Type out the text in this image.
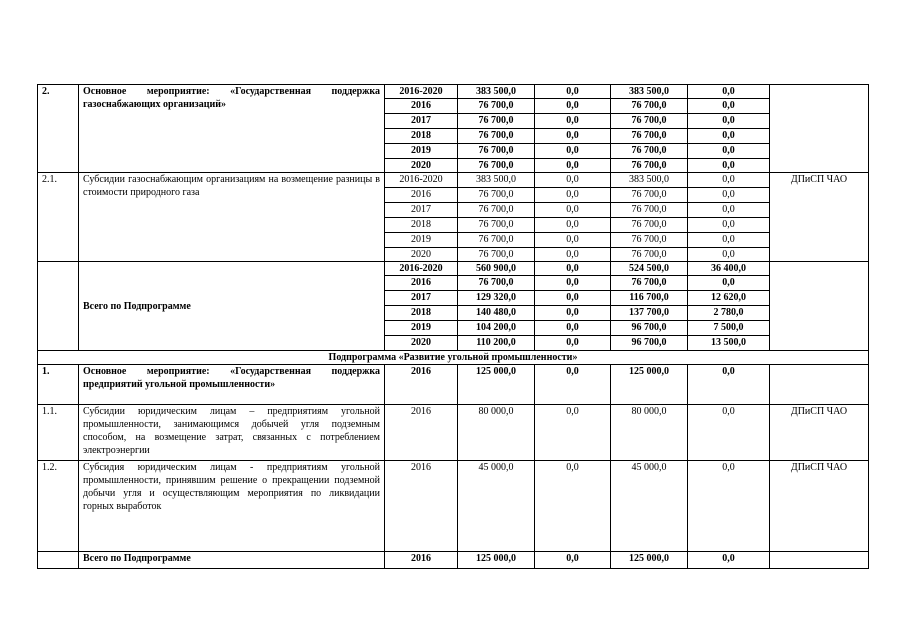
2.	Основное мероприятие: «Государственная поддержка газоснабжающих организаций»	2016-2020	383 500,0	0,0	383 500,0	0,0	
		2016	76 700,0	0,0	76 700,0	0,0	
		2017	76 700,0	0,0	76 700,0	0,0	
		2018	76 700,0	0,0	76 700,0	0,0	
		2019	76 700,0	0,0	76 700,0	0,0	
		2020	76 700,0	0,0	76 700,0	0,0	
2.1.	Субсидии газоснабжающим организациям на возмещение разницы в стоимости природного газа	2016-2020	383 500,0	0,0	383 500,0	0,0	ДПиСП ЧАО
		2016	76 700,0	0,0	76 700,0	0,0	
		2017	76 700,0	0,0	76 700,0	0,0	
		2018	76 700,0	0,0	76 700,0	0,0	
		2019	76 700,0	0,0	76 700,0	0,0	
		2020	76 700,0	0,0	76 700,0	0,0	
	Всего по Подпрограмме	2016-2020	560 900,0	0,0	524 500,0	36 400,0	
		2016	76 700,0	0,0	76 700,0	0,0	
		2017	129 320,0	0,0	116 700,0	12 620,0	
		2018	140 480,0	0,0	137 700,0	2 780,0	
		2019	104 200,0	0,0	96 700,0	7 500,0	
		2020	110 200,0	0,0	96 700,0	13 500,0	
Подпрограмма «Развитие угольной промышленности»							
1.	Основное мероприятие: «Государственная поддержка предприятий угольной промышленности»	2016	125 000,0	0,0	125 000,0	0,0	
1.1.	Субсидии юридическим лицам – предприятиям угольной промышленности, занимающимся добычей угля подземным способом, на возмещение затрат, связанных с потреблением электроэнергии	2016	80 000,0	0,0	80 000,0	0,0	ДПиСП ЧАО
1.2.	Субсидия юридическим лицам - предприятиям угольной промышленности, принявшим решение о прекращении подземной добычи угля и осуществляющим мероприятия по ликвидации горных выработок	2016	45 000,0	0,0	45 000,0	0,0	ДПиСП ЧАО
	Всего по Подпрограмме	2016	125 000,0	0,0	125 000,0	0,0	
